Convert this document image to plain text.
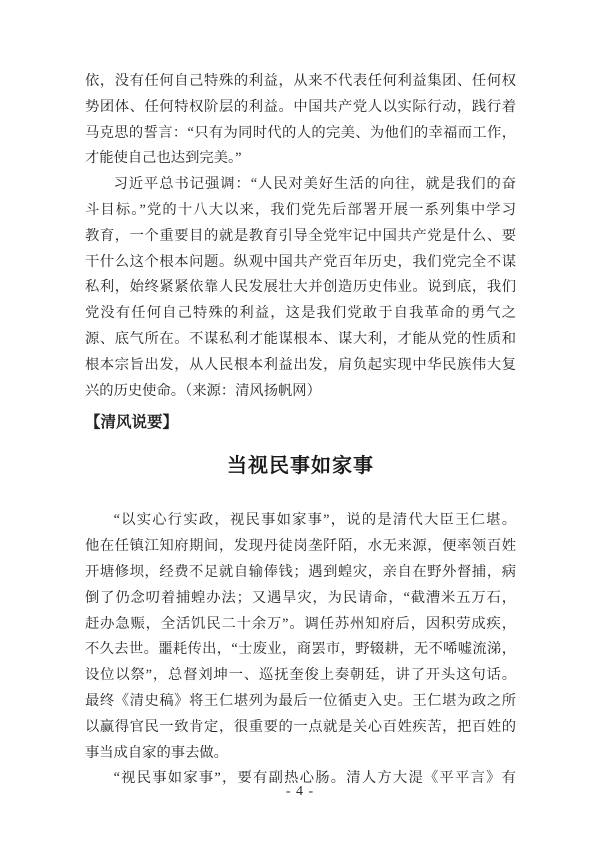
依，没有任何自己特殊的利益，从来不代表任何利益集团、任何权
势团体、任何特权阶层的利益。中国共产党人以实际行动，践行着
马克思的誓言：“只有为同时代的人的完美、为他们的幸福而工作，
才能使自己也达到完美。”
习近平总书记强调：“人民对美好生活的向往，就是我们的奋
斗目标。”党的十八大以来，我们党先后部署开展一系列集中学习
教育，一个重要目的就是教育引导全党牢记中国共产党是什么、要
干什么这个根本问题。纵观中国共产党百年历史，我们党完全不谋
私利，始终紧紧依靠人民发展壮大并创造历史伟业。说到底，我们
党没有任何自己特殊的利益，这是我们党敢于自我革命的勇气之
源、底气所在。不谋私利才能谋根本、谋大利，才能从党的性质和
根本宗旨出发，从人民根本利益出发，肩负起实现中华民族伟大复
兴的历史使命。（来源：清风扬帆网）
【清风说要】
当视民事如家事
“以实心行实政，视民事如家事”，说的是清代大臣王仁堪。
他在任镇江知府期间，发现丹徒岗垄阡陌，水无来源，便率领百姓
开塘修坝，经费不足就自输俸钱；遇到蝗灾，亲自在野外督捕，病
倒了仍念叨着捕蝗办法；又遇旱灾，为民请命，“截漕米五万石，
赶办急赈，全活饥民二十余万”。调任苏州知府后，因积劳成疾，
不久去世。噩耗传出，“士废业，商罢市，野辍耕，无不唏嘘流涕，
设位以祭”，总督刘坤一、巡抚奎俊上奏朝廷，讲了开头这句话。
最终《清史稿》将王仁堪列为最后一位循吏入史。王仁堪为政之所
以赢得官民一致肯定，很重要的一点就是关心百姓疾苦，把百姓的
事当成自家的事去做。
“视民事如家事”，要有副热心肠。清人方大湜《平平言》有
- 4 -
